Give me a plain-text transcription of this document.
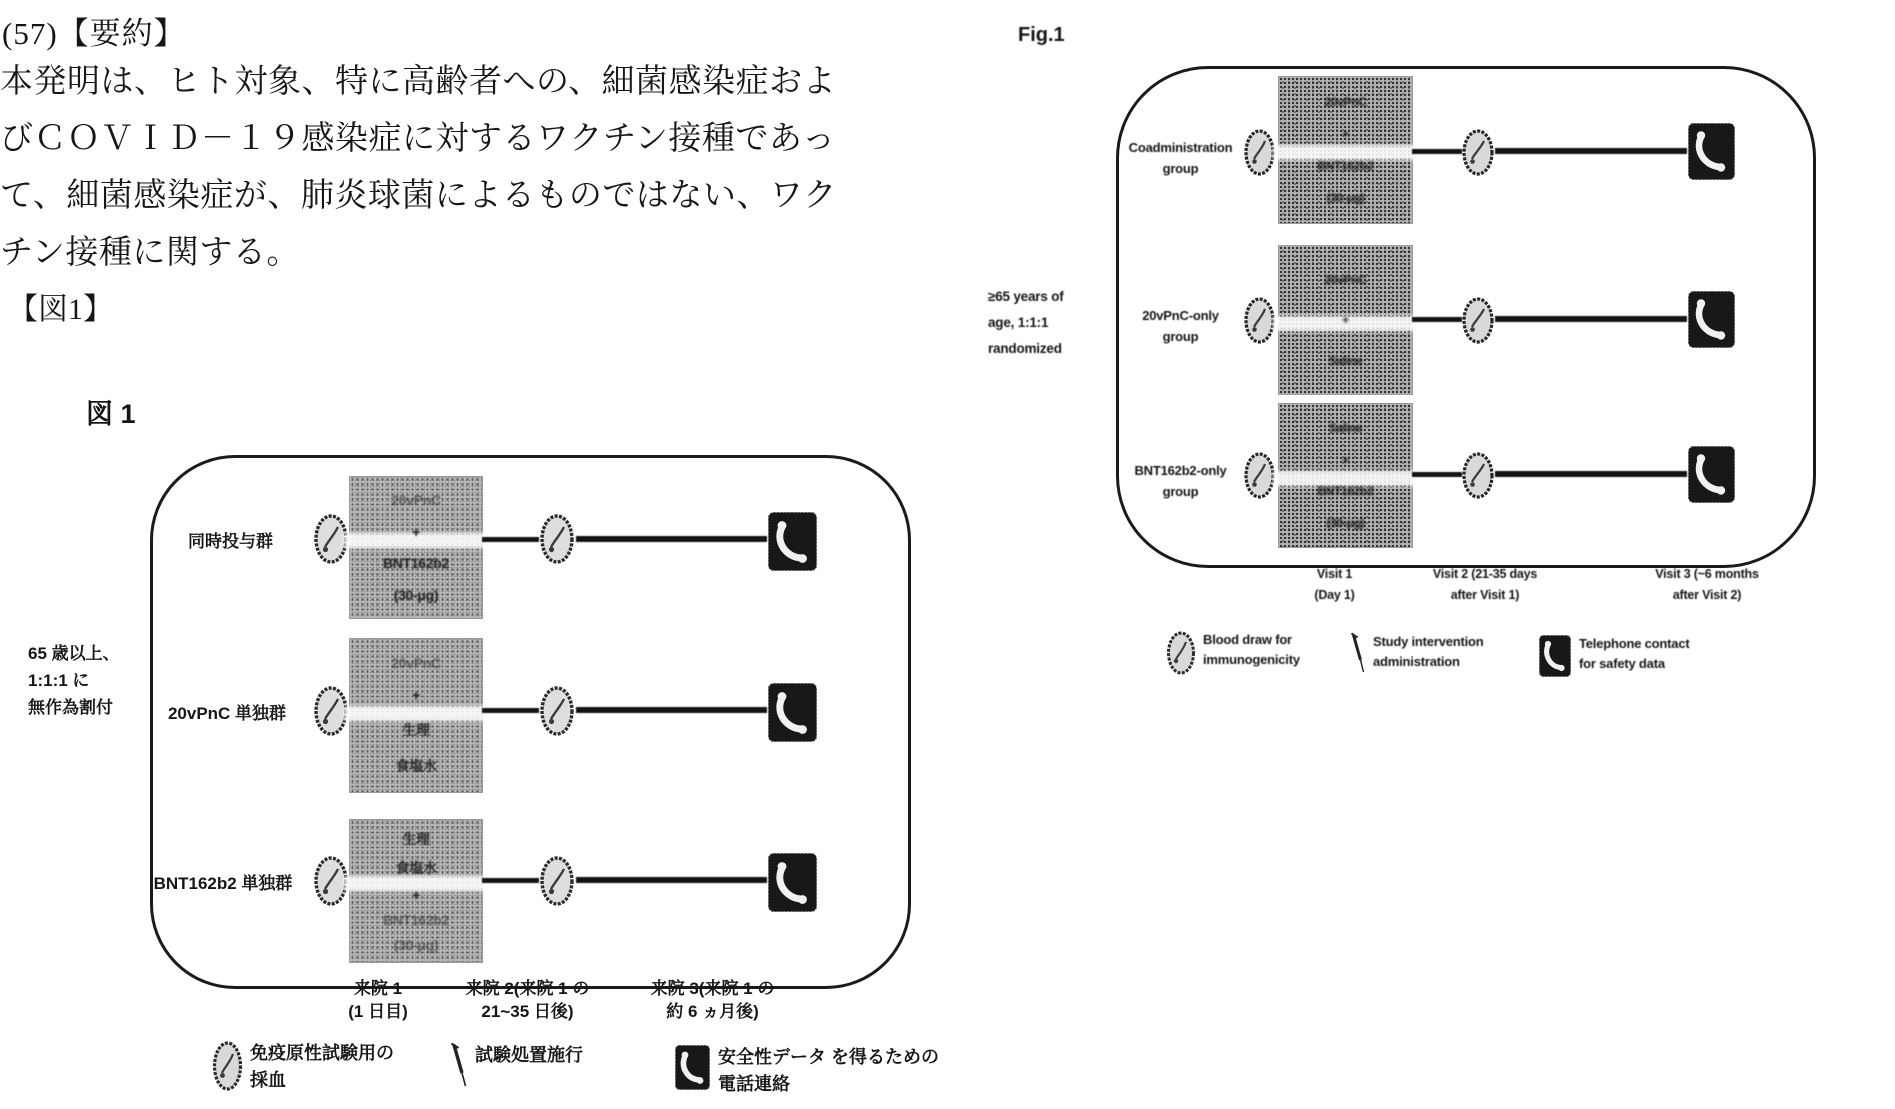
(57)【要約】
本発明は、ヒト対象、特に高齢者への、細菌感染症およ
びＣＯＶＩＤ－１９感染症に対するワクチン接種であっ
て、細菌感染症が、肺炎球菌によるものではない、ワク
チン接種に関する。
【図1】
図 1
65 歳以上、
1:1:1 に
無作為割付
同時投与群
20vPnC
+
BNT162b2
(30-μg)
20vPnC 単独群
20vPnC
+
生理
食塩水
BNT162b2 単独群
生理
食塩水
+
BNT162b2
(30-μg)
来院 1
(1 日目)
来院 2(来院 1 の
21~35 日後)
来院 3(来院 1 の
約 6 ヵ月後)
免疫原性試験用の
採血
試験処置施行	安全性データ を得るための
電話連絡
Fig.1
≥65 years of
age, 1:1:1
randomized
Coadministration
group
20vPnC
+
BNT162b2
(30-μg)
20vPnC-only
group
20vPnC
+
Saline
BNT162b2-only
group
Saline
+
BNT162b2
(30-μg)
Visit 1
(Day 1)
Visit 2 (21-35 days
after Visit 1)
Visit 3 (~6 months
after Visit 2)
Blood draw for
immunogenicity
Study intervention
administration
Telephone contact
for safety data
